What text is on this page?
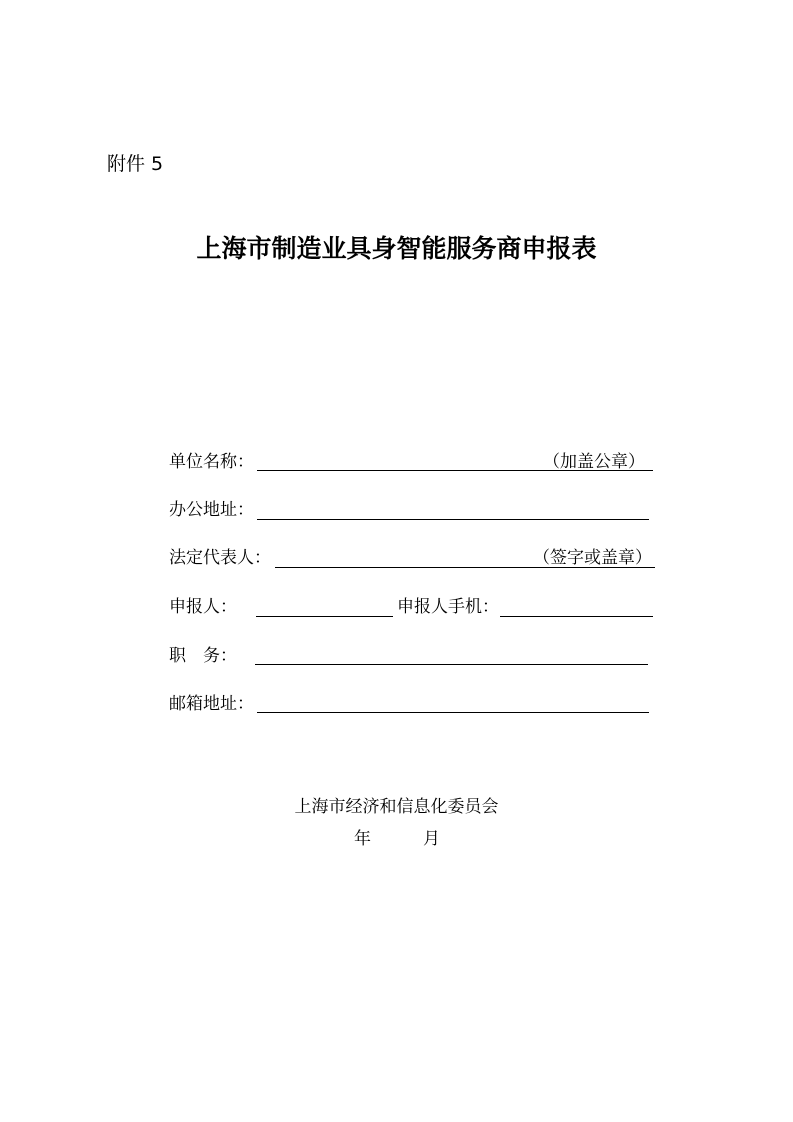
附件 5
上海市制造业具身智能服务商申报表
单位名称：	（加盖公章）
办公地址：
法定代表人：	（签字或盖章）
申报人：	申报人手机：
职　务：
邮箱地址：
上海市经济和信息化委员会
年	月
